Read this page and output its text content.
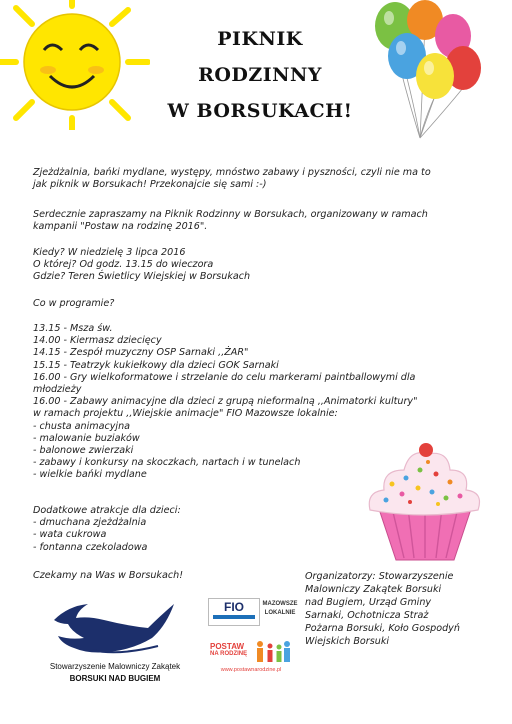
PIKNIK
RODZINNY
W BORSUKACH!
Zjeżdżalnia, bańki mydlane, występy, mnóstwo zabawy i pyszności, czyli nie ma to
jak piknik w Borsukach! Przekonajcie się sami :-)
Serdecznie zapraszamy na Piknik Rodzinny w Borsukach, organizowany w ramach
kampanii "Postaw na rodzinę 2016".
Kiedy? W niedzielę 3 lipca 2016
O której? Od godz. 13.15 do wieczora
Gdzie? Teren Świetlicy Wiejskiej w Borsukach
Co w programie?
13.15 - Msza św.
14.00 - Kiermasz dziecięcy
14.15 - Zespół muzyczny OSP Sarnaki ,,ŻAR"
15.15 - Teatrzyk kukiełkowy dla dzieci GOK Sarnaki
16.00 - Gry wielkoformatowe i strzelanie do celu markerami paintballowymi dla
młodzieży
16.00 - Zabawy animacyjne dla dzieci z grupą nieformalną ,,Animatorki kultury"
w ramach projektu ,,Wiejskie animacje" FIO Mazowsze lokalnie:
- chusta animacyjna
- malowanie buziaków
- balonowe zwierzaki
- zabawy i konkursy na skoczkach, nartach i w tunelach
- wielkie bańki mydlane
Dodatkowe atrakcje dla dzieci:
- dmuchana zjeżdżalnia
- wata cukrowa
- fontanna czekoladowa
Czekamy na Was w Borsukach!
Stowarzyszenie Malowniczy Zakątek
BORSUKI NAD BUGIEM
FIO	MAZOWSZE
LOKALNIE
POSTAW
NA RODZINĘ
www.postawnarodzine.pl
Organizatorzy: Stowarzyszenie
Malowniczy Zakątek Borsuki
nad Bugiem, Urząd Gminy
Sarnaki, Ochotnicza Straż
Pożarna Borsuki, Koło Gospodyń
Wiejskich Borsuki
